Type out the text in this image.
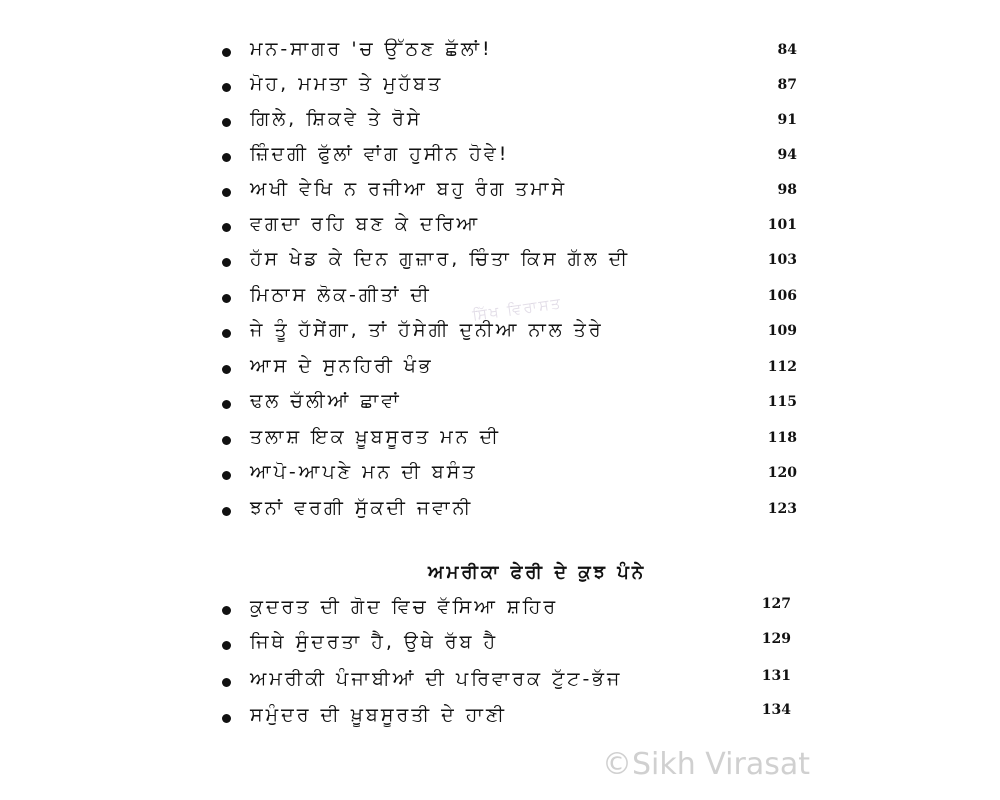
ਮਨ-ਸਾਗਰ 'ਚ ਉੱਠਣ ਛੱਲਾਂ!	84
ਮੋਹ, ਮਮਤਾ ਤੇ ਮੁਹੱਬਤ	87
ਗਿਲੇ, ਸ਼ਿਕਵੇ ਤੇ ਰੋਸੇ	91
ਜ਼ਿੰਦਗੀ ਫੁੱਲਾਂ ਵਾਂਗ ਹੁਸੀਨ ਹੋਵੇ!	94
ਅਖੀ ਵੇਖਿ ਨ ਰਜੀਆ ਬਹੁ ਰੰਗ ਤਮਾਸੇ	98
ਵਗਦਾ ਰਹਿ ਬਣ ਕੇ ਦਰਿਆ	101
ਹੱਸ ਖੇਡ ਕੇ ਦਿਨ ਗੁਜ਼ਾਰ, ਚਿੰਤਾ ਕਿਸ ਗੱਲ ਦੀ	103
ਮਿਠਾਸ ਲੋਕ-ਗੀਤਾਂ ਦੀ	106
ਜੇ ਤੂੰ ਹੱਸੇਂਗਾ, ਤਾਂ ਹੱਸੇਗੀ ਦੁਨੀਆ ਨਾਲ ਤੇਰੇ	109
ਆਸ ਦੇ ਸੁਨਹਿਰੀ ਖੰਭ	112
ਢਲ ਚੱਲੀਆਂ ਛਾਵਾਂ	115
ਤਲਾਸ਼ ਇਕ ਖ਼ੂਬਸੂਰਤ ਮਨ ਦੀ	118
ਆਪੋ-ਆਪਣੇ ਮਨ ਦੀ ਬਸੰਤ	120
ਝਨਾਂ ਵਰਗੀ ਸੁੱਕਦੀ ਜਵਾਨੀ	123
ਅਮਰੀਕਾ ਫੇਰੀ ਦੇ ਕੁਝ ਪੰਨੇ
ਕੁਦਰਤ ਦੀ ਗੋਦ ਵਿਚ ਵੱਸਿਆ ਸ਼ਹਿਰ	127
ਜਿਥੇ ਸੁੰਦਰਤਾ ਹੈ, ਉਥੇ ਰੱਬ ਹੈ	129
ਅਮਰੀਕੀ ਪੰਜਾਬੀਆਂ ਦੀ ਪਰਿਵਾਰਕ ਟੁੱਟ-ਭੱਜ	131
ਸਮੁੰਦਰ ਦੀ ਖ਼ੂਬਸੂਰਤੀ ਦੇ ਹਾਣੀ	134
ਸਿੱਖ ਵਿਰਾਸਤ
©Sikh Virasat
